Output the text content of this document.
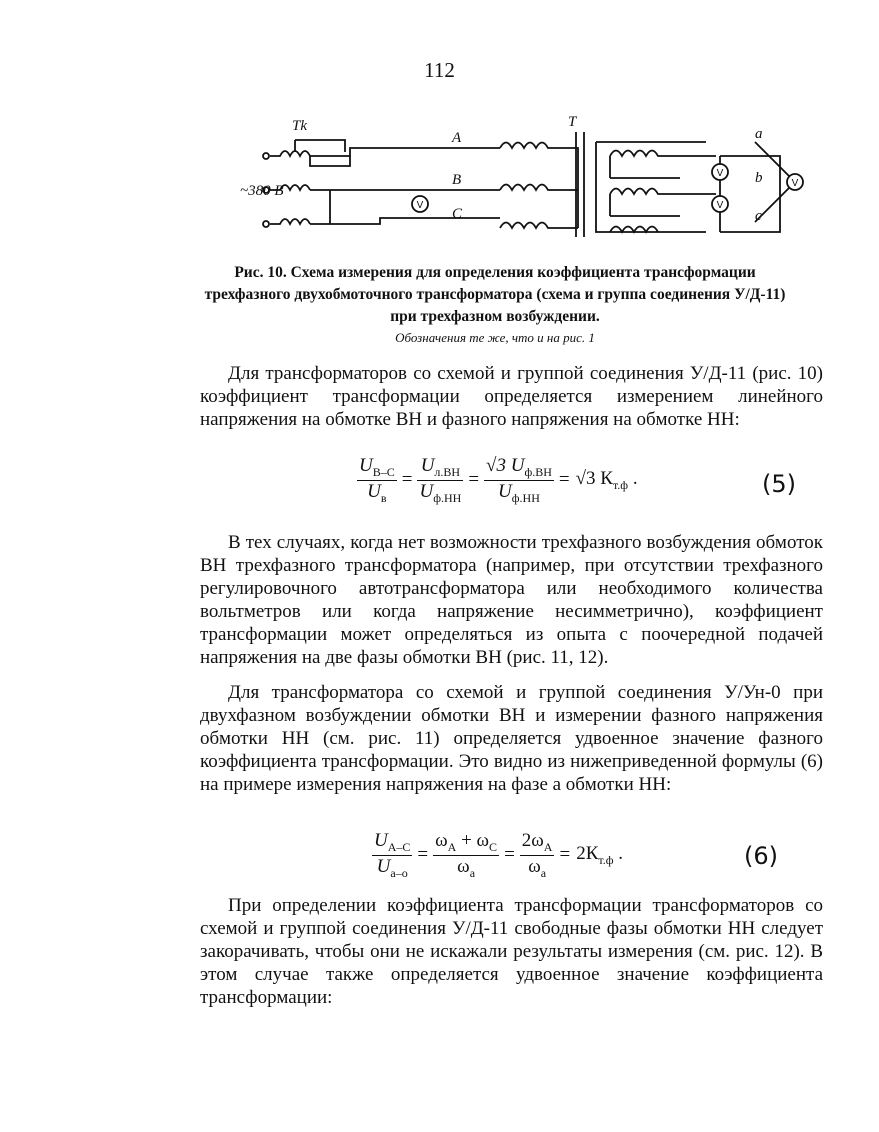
112
Tk
~380 В
A
B
C
T
a
b
c
V
V
V
V
Рис. 10. Схема измерения для определения коэффициента трансформации трехфазного двухобмоточного трансформатора (схема и группа соединения У/Д-11) при трехфазном возбуждении.
Обозначения те же, что и на рис. 1
Для трансформаторов со схемой и группой соединения У/Д-11 (рис. 10) коэффициент трансформации определяется измерением линейного напряжения на обмотке ВН и фазного напряжения на обмотке НН:
$\frac{U_{В-С}}{U_в} = \frac{U_{л.ВН}}{U_{ф.НН}} = \frac{√3 U_{ф.ВН}}{U_{ф.НН}} = √3$ $К_{т.ф}$ .	(5)
В тех случаях, когда нет возможности трехфазного возбуждения обмоток ВН трехфазного трансформатора (например, при отсутствии трехфазного регулировочного автотрансформатора или необходимого количества вольтметров или когда напряжение несимметрично), коэффициент трансформации может определяться из опыта с поочередной подачей напряжения на две фазы обмотки ВН (рис. 11, 12).
Для трансформатора со схемой и группой соединения У/Ун-0 при двухфазном возбуждении обмотки ВН и измерении фазного напряжения обмотки НН (см. рис. 11) определяется удвоенное значение фазного коэффициента трансформации. Это видно из нижеприведенной формулы (6) на примере измерения напряжения на фазе а обмотки НН:
$\frac{U_{А-С}}{U_{а-о}} = \frac{\omega_А + \omega_С}{\omega_а} = \frac{2\omega_А}{\omega_а} = 2К_{т.ф}$ .	(6)
При определении коэффициента трансформации трансформаторов со схемой и группой соединения У/Д-11 свободные фазы обмотки НН следует закорачивать, чтобы они не искажали результаты измерения (см. рис. 12). В этом случае также определяется удвоенное значение коэффициента трансформации:
